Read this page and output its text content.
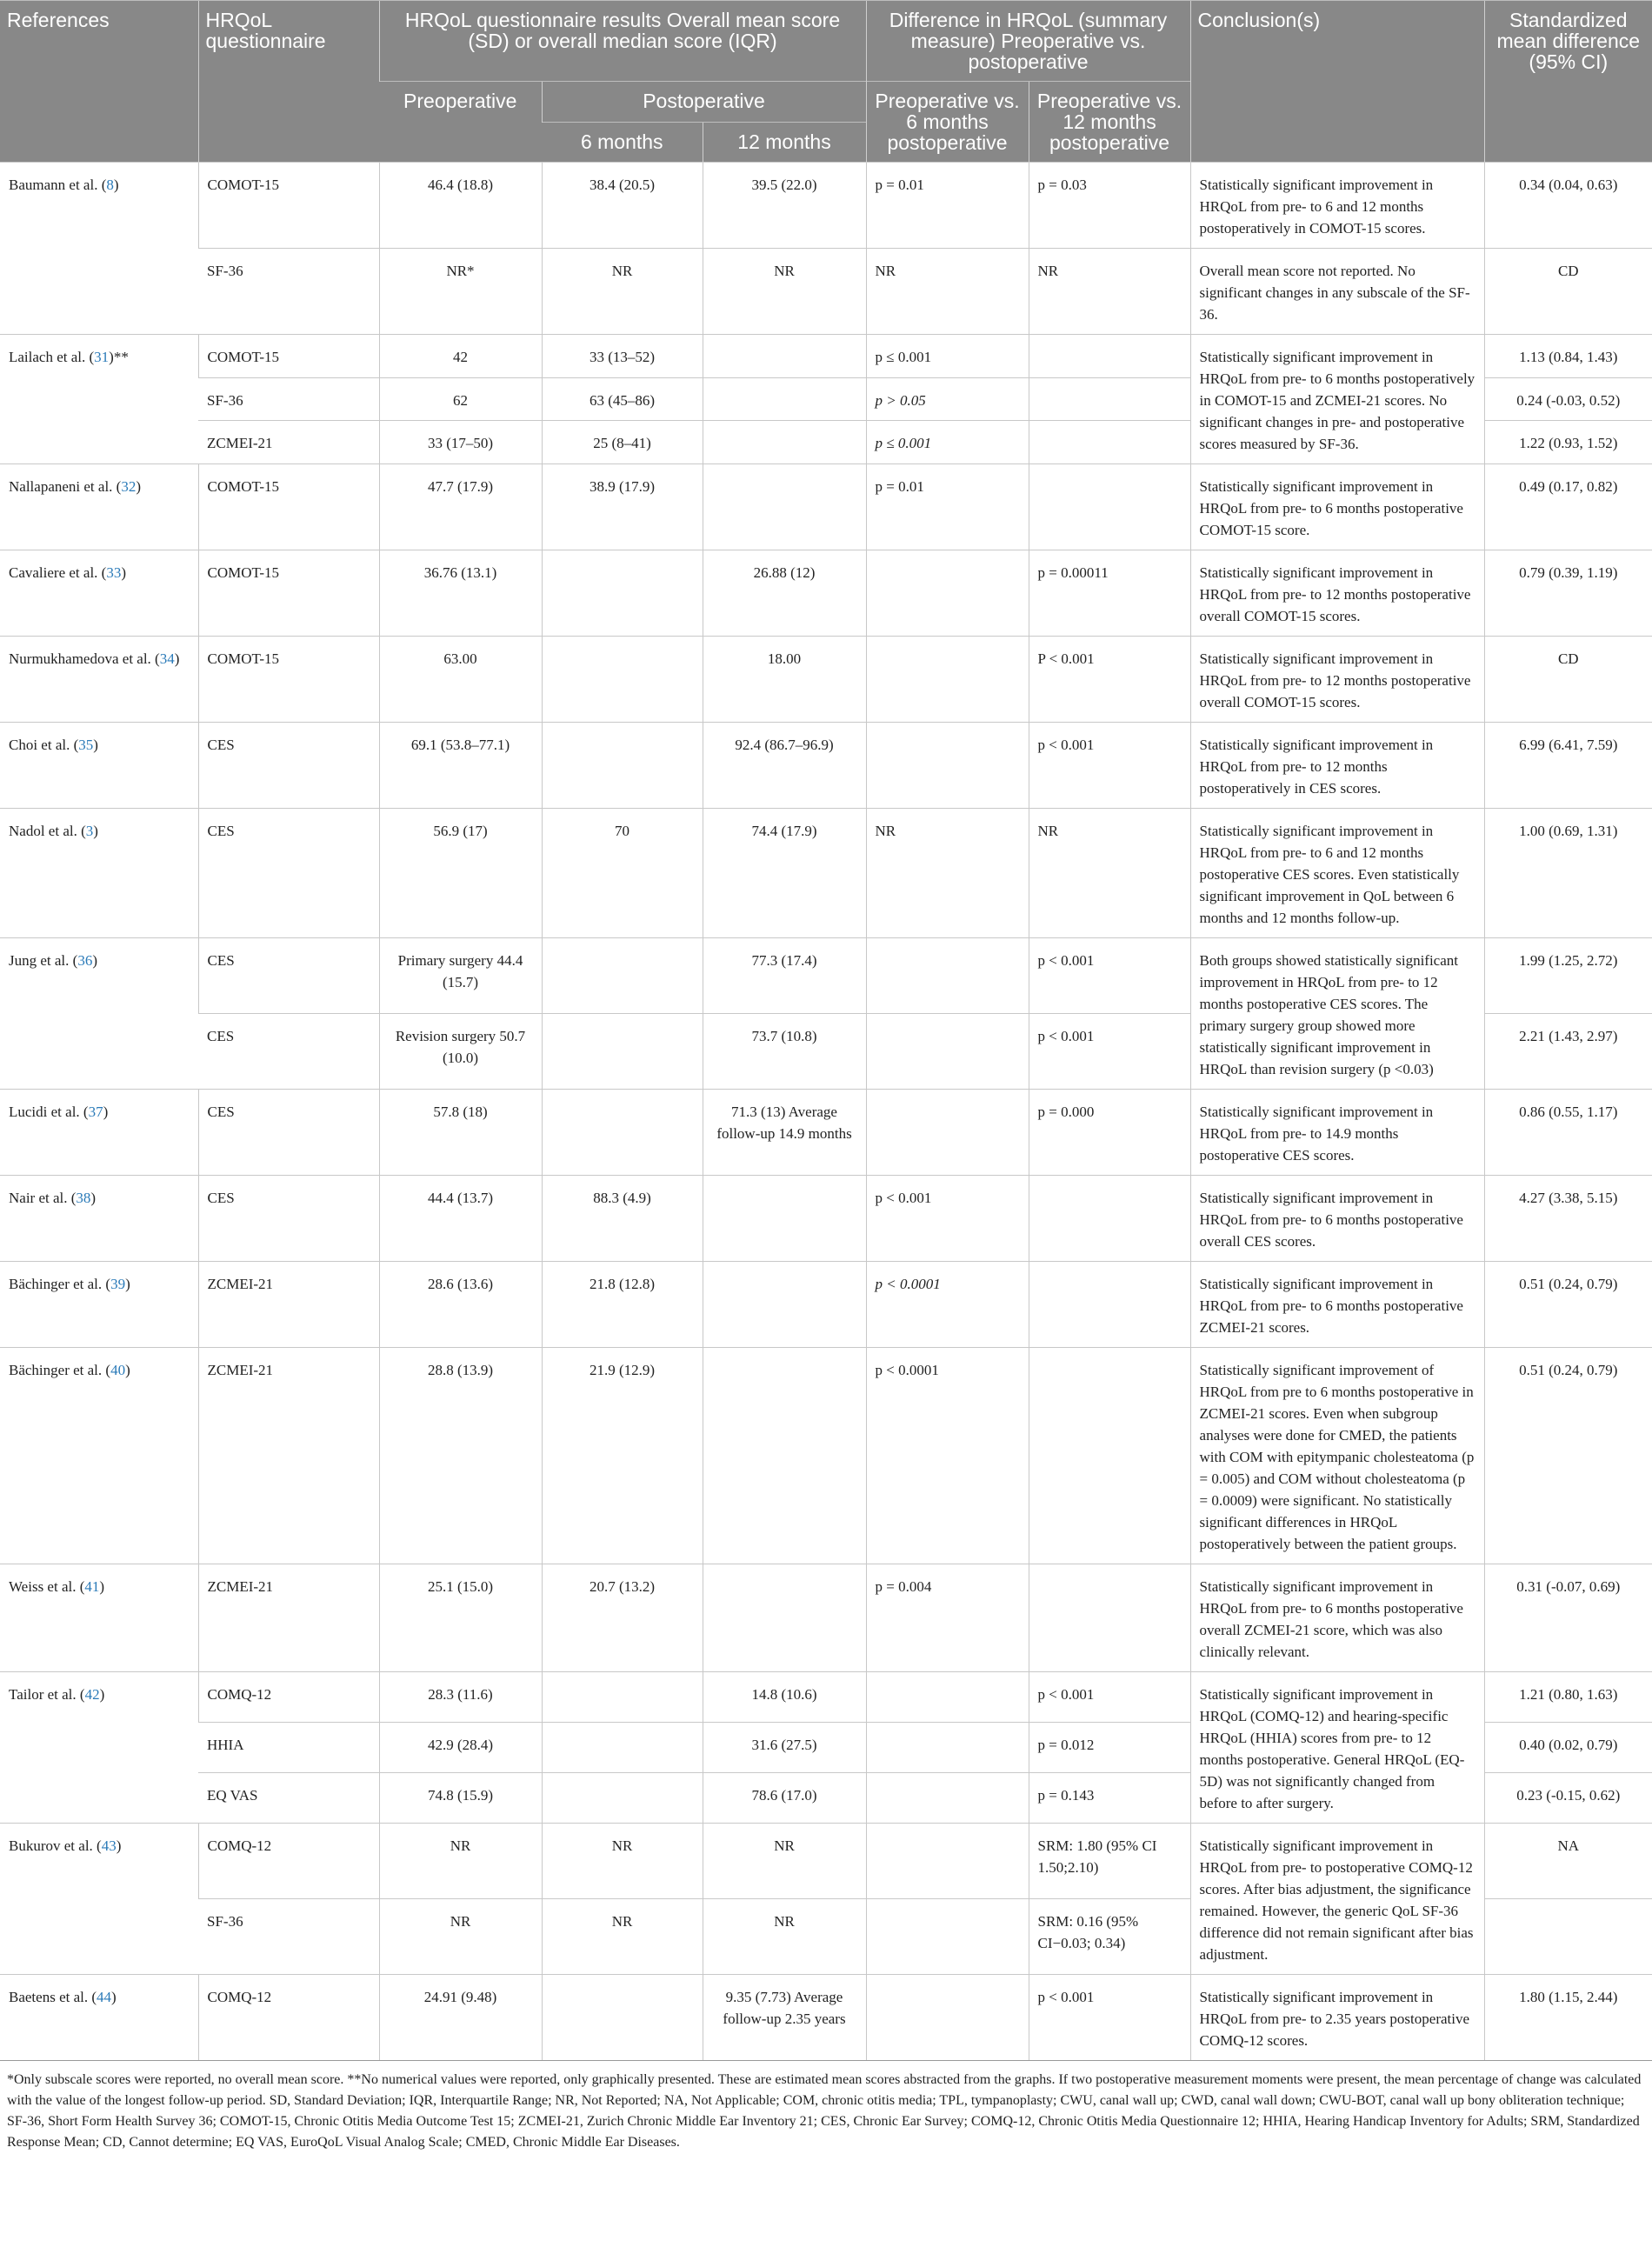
References	HRQoL questionnaire	HRQoL questionnaire results Overall mean score (SD) or overall median score (IQR)			Difference in HRQoL (summary measure) Preoperative vs. postoperative		Conclusion(s)	Standardized mean difference (95% CI)
		Preoperative	Postoperative		Preoperative vs. 6 months postoperative	Preoperative vs. 12 months postoperative		
			6 months	12 months				
Baumann et al. (8)	COMOT-15	46.4 (18.8)	38.4 (20.5)	39.5 (22.0)	p = 0.01	p = 0.03	Statistically significant improvement in HRQoL from pre- to 6 and 12 months postoperatively in COMOT-15 scores.	0.34 (0.04, 0.63)
	SF-36	NR*	NR	NR	NR	NR	Overall mean score not reported. No significant changes in any subscale of the SF-36.	CD
Lailach et al. (31)**	COMOT-15	42	33 (13–52)		p ≤ 0.001		Statistically significant improvement in HRQoL from pre- to 6 months postoperatively in COMOT-15 and ZCMEI-21 scores. No significant changes in pre- and postoperative scores measured by SF-36.	1.13 (0.84, 1.43)
	SF-36	62	63 (45–86)		p > 0.05			0.24 (-0.03, 0.52)
	ZCMEI-21	33 (17–50)	25 (8–41)		p ≤ 0.001			1.22 (0.93, 1.52)
Nallapaneni et al. (32)	COMOT-15	47.7 (17.9)	38.9 (17.9)		p = 0.01		Statistically significant improvement in HRQoL from pre- to 6 months postoperative COMOT-15 score.	0.49 (0.17, 0.82)
Cavaliere et al. (33)	COMOT-15	36.76 (13.1)		26.88 (12)		p = 0.00011	Statistically significant improvement in HRQoL from pre- to 12 months postoperative overall COMOT-15 scores.	0.79 (0.39, 1.19)
Nurmukhamedova et al. (34)	COMOT-15	63.00		18.00		P < 0.001	Statistically significant improvement in HRQoL from pre- to 12 months postoperative overall COMOT-15 scores.	CD
Choi et al. (35)	CES	69.1 (53.8–77.1)		92.4 (86.7–96.9)		p < 0.001	Statistically significant improvement in HRQoL from pre- to 12 months postoperatively in CES scores.	6.99 (6.41, 7.59)
Nadol et al. (3)	CES	56.9 (17)	70	74.4 (17.9)	NR	NR	Statistically significant improvement in HRQoL from pre- to 6 and 12 months postoperative CES scores. Even statistically significant improvement in QoL between 6 months and 12 months follow-up.	1.00 (0.69, 1.31)
Jung et al. (36)	CES	Primary surgery 44.4 (15.7)		77.3 (17.4)		p < 0.001	Both groups showed statistically significant improvement in HRQoL from pre- to 12 months postoperative CES scores. The primary surgery group showed more statistically significant improvement in HRQoL than revision surgery (p <0.03)	1.99 (1.25, 2.72)
	CES	Revision surgery 50.7 (10.0)		73.7 (10.8)		p < 0.001		2.21 (1.43, 2.97)
Lucidi et al. (37)	CES	57.8 (18)		71.3 (13) Average follow-up 14.9 months		p = 0.000	Statistically significant improvement in HRQoL from pre- to 14.9 months postoperative CES scores.	0.86 (0.55, 1.17)
Nair et al. (38)	CES	44.4 (13.7)	88.3 (4.9)		p < 0.001		Statistically significant improvement in HRQoL from pre- to 6 months postoperative overall CES scores.	4.27 (3.38, 5.15)
Bächinger et al. (39)	ZCMEI-21	28.6 (13.6)	21.8 (12.8)		p < 0.0001		Statistically significant improvement in HRQoL from pre- to 6 months postoperative ZCMEI-21 scores.	0.51 (0.24, 0.79)
Bächinger et al. (40)	ZCMEI-21	28.8 (13.9)	21.9 (12.9)		p < 0.0001		Statistically significant improvement of HRQoL from pre to 6 months postoperative in ZCMEI-21 scores. Even when subgroup analyses were done for CMED, the patients with COM with epitympanic cholesteatoma (p = 0.005) and COM without cholesteatoma (p = 0.0009) were significant. No statistically significant differences in HRQoL postoperatively between the patient groups.	0.51 (0.24, 0.79)
Weiss et al. (41)	ZCMEI-21	25.1 (15.0)	20.7 (13.2)		p = 0.004		Statistically significant improvement in HRQoL from pre- to 6 months postoperative overall ZCMEI-21 score, which was also clinically relevant.	0.31 (-0.07, 0.69)
Tailor et al. (42)	COMQ-12	28.3 (11.6)		14.8 (10.6)		p < 0.001	Statistically significant improvement in HRQoL (COMQ-12) and hearing-specific HRQoL (HHIA) scores from pre- to 12 months postoperative. General HRQoL (EQ-5D) was not significantly changed from before to after surgery.	1.21 (0.80, 1.63)
	HHIA	42.9 (28.4)		31.6 (27.5)		p = 0.012		0.40 (0.02, 0.79)
	EQ VAS	74.8 (15.9)		78.6 (17.0)		p = 0.143		0.23 (-0.15, 0.62)
Bukurov et al. (43)	COMQ-12	NR	NR	NR		SRM: 1.80 (95% CI 1.50;2.10)	Statistically significant improvement in HRQoL from pre- to postoperative COMQ-12 scores. After bias adjustment, the significance remained. However, the generic QoL SF-36 difference did not remain significant after bias adjustment.	NA
	SF-36	NR	NR	NR		SRM: 0.16 (95% CI−0.03; 0.34)		
Baetens et al. (44)	COMQ-12	24.91 (9.48)		9.35 (7.73) Average follow-up 2.35 years		p < 0.001	Statistically significant improvement in HRQoL from pre- to 2.35 years postoperative COMQ-12 scores.	1.80 (1.15, 2.44)
*Only subscale scores were reported, no overall mean score. **No numerical values were reported, only graphically presented. These are estimated mean scores abstracted from the graphs. If two postoperative measurement moments were present, the mean percentage of change was calculated with the value of the longest follow-up period. SD, Standard Deviation; IQR, Interquartile Range; NR, Not Reported; NA, Not Applicable; COM, chronic otitis media; TPL, tympanoplasty; CWU, canal wall up; CWD, canal wall down; CWU-BOT, canal wall up bony obliteration technique; SF-36, Short Form Health Survey 36; COMOT-15, Chronic Otitis Media Outcome Test 15; ZCMEI-21, Zurich Chronic Middle Ear Inventory 21; CES, Chronic Ear Survey; COMQ-12, Chronic Otitis Media Questionnaire 12; HHIA, Hearing Handicap Inventory for Adults; SRM, Standardized Response Mean; CD, Cannot determine; EQ VAS, EuroQoL Visual Analog Scale; CMED, Chronic Middle Ear Diseases.
